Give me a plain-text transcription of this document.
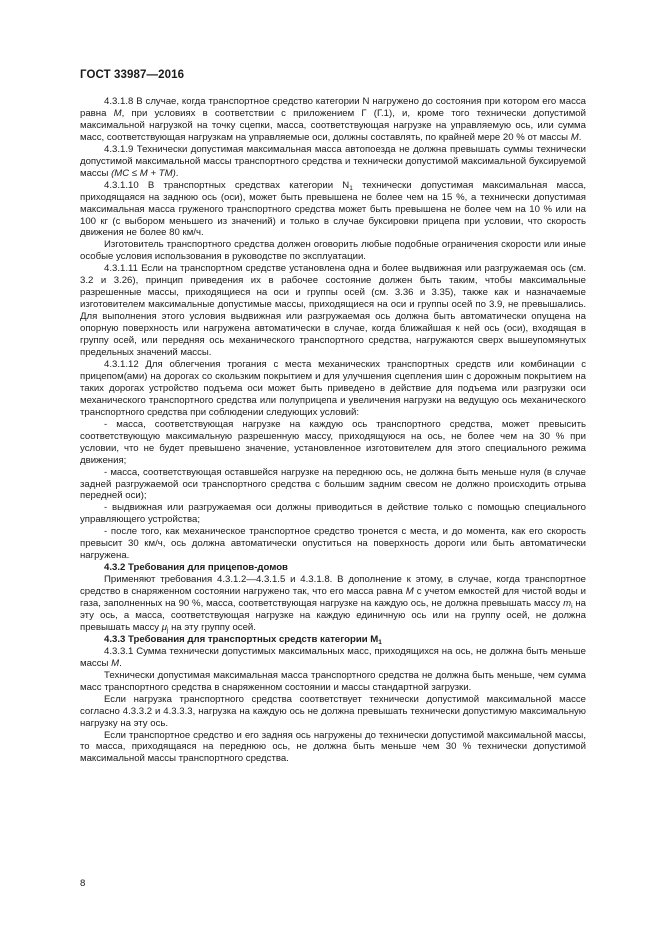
ГОСТ 33987—2016

4.3.1.8 В случае, когда транспортное средство категории N нагружено до состояния при котором его масса равна M, при условиях в соответствии с приложением Г (Г.1), и, кроме того технически допустимой максимальной нагрузкой на точку сцепки, масса, соответствующая нагрузке на управляемую ось, или сумма масс, соответствующая нагрузкам на управляемые оси, должны составлять, по крайней мере 20 % от массы M.

4.3.1.9 Технически допустимая максимальная масса автопоезда не должна превышать суммы технически допустимой максимальной массы транспортного средства и технически допустимой максимальной буксируемой массы (MC ≤ M + TM).

4.3.1.10 В транспортных средствах категории $N_1$ технически допустимая максимальная масса, приходящаяся на заднюю ось (оси), может быть превышена не более чем на 15 %, а технически допустимая максимальная масса груженого транспортного средства может быть превышена не более чем на 10 % или на 100 кг (с выбором меньшего из значений) и только в случае буксировки прицепа при условии, что скорость движения не более 80 км/ч.

Изготовитель транспортного средства должен оговорить любые подобные ограничения скорости или иные особые условия использования в руководстве по эксплуатации.

4.3.1.11 Если на транспортном средстве установлена одна и более выдвижная или разгружаемая ось (см. 3.2 и 3.26), принцип приведения их в рабочее состояние должен быть таким, чтобы максимальные разрешенные массы, приходящиеся на оси и группы осей (см. 3.36 и 3.35), также как и назначаемые изготовителем максимальные допустимые массы, приходящиеся на оси и группы осей по 3.9, не превышались. Для выполнения этого условия выдвижная или разгружаемая ось должна быть автоматически опущена на опорную поверхность или нагружена автоматически в случае, когда ближайшая к ней ось (оси), входящая в группу осей, или передняя ось механического транспортного средства, нагружаются сверх вышеупомянутых предельных значений массы.

4.3.1.12 Для облегчения трогания с места механических транспортных средств или комбинации с прицепом(ами) на дорогах со скользким покрытием и для улучшения сцепления шин с дорожным покрытием на таких дорогах устройство подъема оси может быть приведено в действие для подъема или разгрузки оси механического транспортного средства или полуприцепа и увеличения нагрузки на ведущую ось механического транспортного средства при соблюдении следующих условий:

- масса, соответствующая нагрузке на каждую ось транспортного средства, может превысить соответствующую максимальную разрешенную массу, приходящуюся на ось, не более чем на 30 % при условии, что не будет превышено значение, установленное изготовителем для этого специального режима движения;

- масса, соответствующая оставшейся нагрузке на переднюю ось, не должна быть меньше нуля (в случае задней разгружаемой оси транспортного средства с большим задним свесом не должно происходить отрыва передней оси);

- выдвижная или разгружаемая оси должны приводиться в действие только с помощью специального управляющего устройства;

- после того, как механическое транспортное средство тронется с места, и до момента, как его скорость превысит 30 км/ч, ось должна автоматически опуститься на поверхность дороги или быть автоматически нагружена.

4.3.2 Требования для прицепов-домов

Применяют требования 4.3.1.2—4.3.1.5 и 4.3.1.8. В дополнение к этому, в случае, когда транспортное средство в снаряженном состоянии нагружено так, что его масса равна M с учетом емкостей для чистой воды и газа, заполненных на 90 %, масса, соответствующая нагрузке на каждую ось, не должна превышать массу $m_i$ на эту ось, а масса, соответствующая нагрузке на каждую единичную ось или на группу осей, не должна превышать массу $\mu_j$ на эту группу осей.

4.3.3 Требования для транспортных средств категории $M_1$

4.3.3.1 Сумма технически допустимых максимальных масс, приходящихся на ось, не должна быть меньше массы M.

Технически допустимая максимальная масса транспортного средства не должна быть меньше, чем сумма масс транспортного средства в снаряженном состоянии и массы стандартной загрузки.

Если нагрузка транспортного средства соответствует технически допустимой максимальной массе согласно 4.3.3.2 и 4.3.3.3, нагрузка на каждую ось не должна превышать технически допустимую максимальную нагрузку на эту ось.

Если транспортное средство и его задняя ось нагружены до технически допустимой максимальной массы, то масса, приходящаяся на переднюю ось, не должна быть меньше чем 30 % технически допустимой максимальной массы транспортного средства.

8
